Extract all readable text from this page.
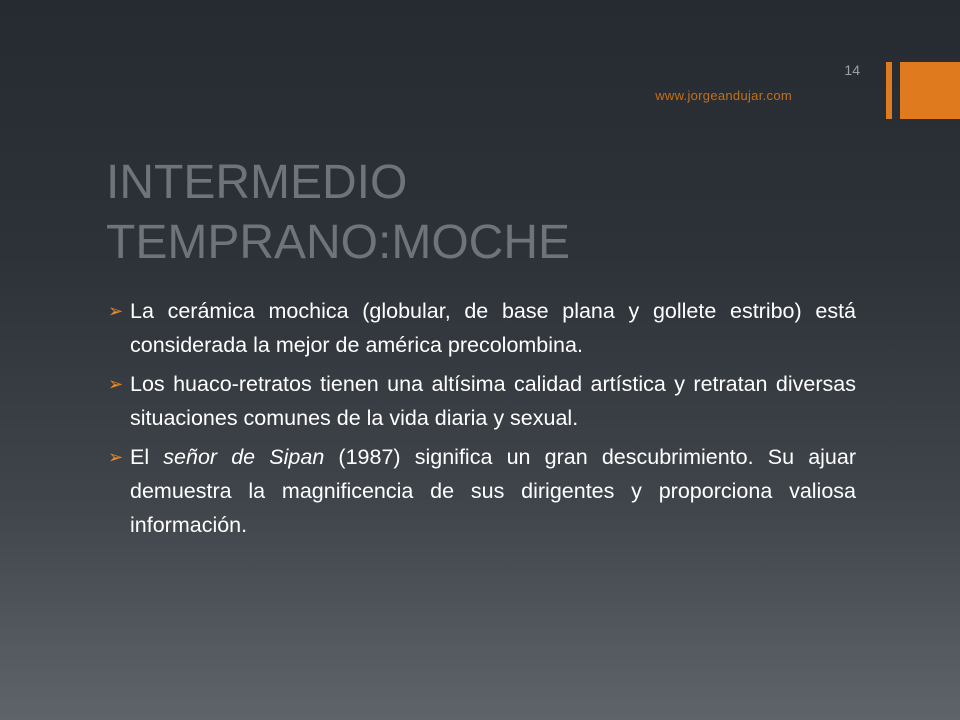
14
www.jorgeandujar.com
INTERMEDIO
TEMPRANO:MOCHE
➢ La cerámica mochica (globular, de base plana y gollete estribo) está considerada la mejor de américa precolombina.
➢ Los huaco-retratos tienen una altísima calidad artística y retratan diversas situaciones comunes de la vida diaria y sexual.
➢ El señor de Sipan (1987) significa un gran descubrimiento. Su ajuar demuestra la magnificencia de sus dirigentes y proporciona valiosa información.
